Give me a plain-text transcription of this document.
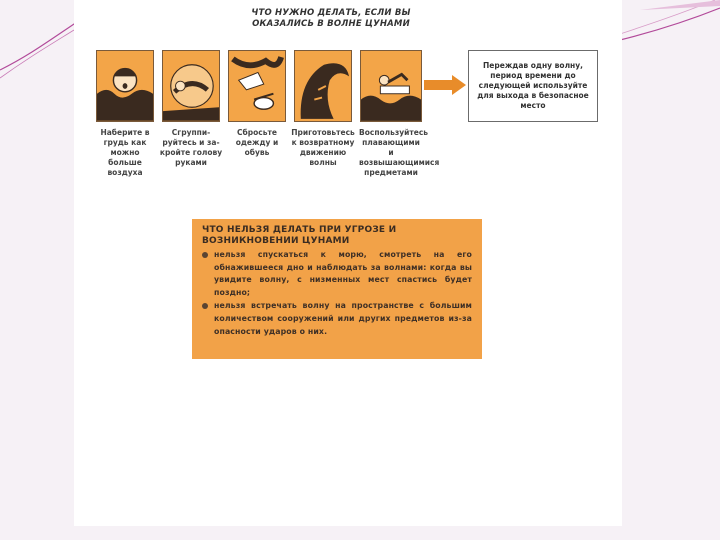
ЧТО НУЖНО ДЕЛАТЬ, ЕСЛИ ВЫ ОКАЗАЛИСЬ В ВОЛНЕ ЦУНАМИ
Наберите в грудь как можно больше воздуха
Сгруппи-руйтесь и за-кройте голову руками
Сбросьте одежду и обувь
Приготовьтесь к возвратному движению волны
Воспользуйтесь плавающими и возвышающимися предметами
Переждав одну волну, период времени до следующей используйте для выхода в безопасное место
ЧТО НЕЛЬЗЯ ДЕЛАТЬ ПРИ УГРОЗЕ И ВОЗНИКНОВЕНИИ ЦУНАМИ
нельзя спускаться к морю, смотреть на его обнажившееся дно и наблюдать за волнами: когда вы увидите волну, с низменных мест спастись будет поздно;
нельзя встречать волну на пространстве с большим количеством сооружений или других предметов из-за опасности ударов о них.
